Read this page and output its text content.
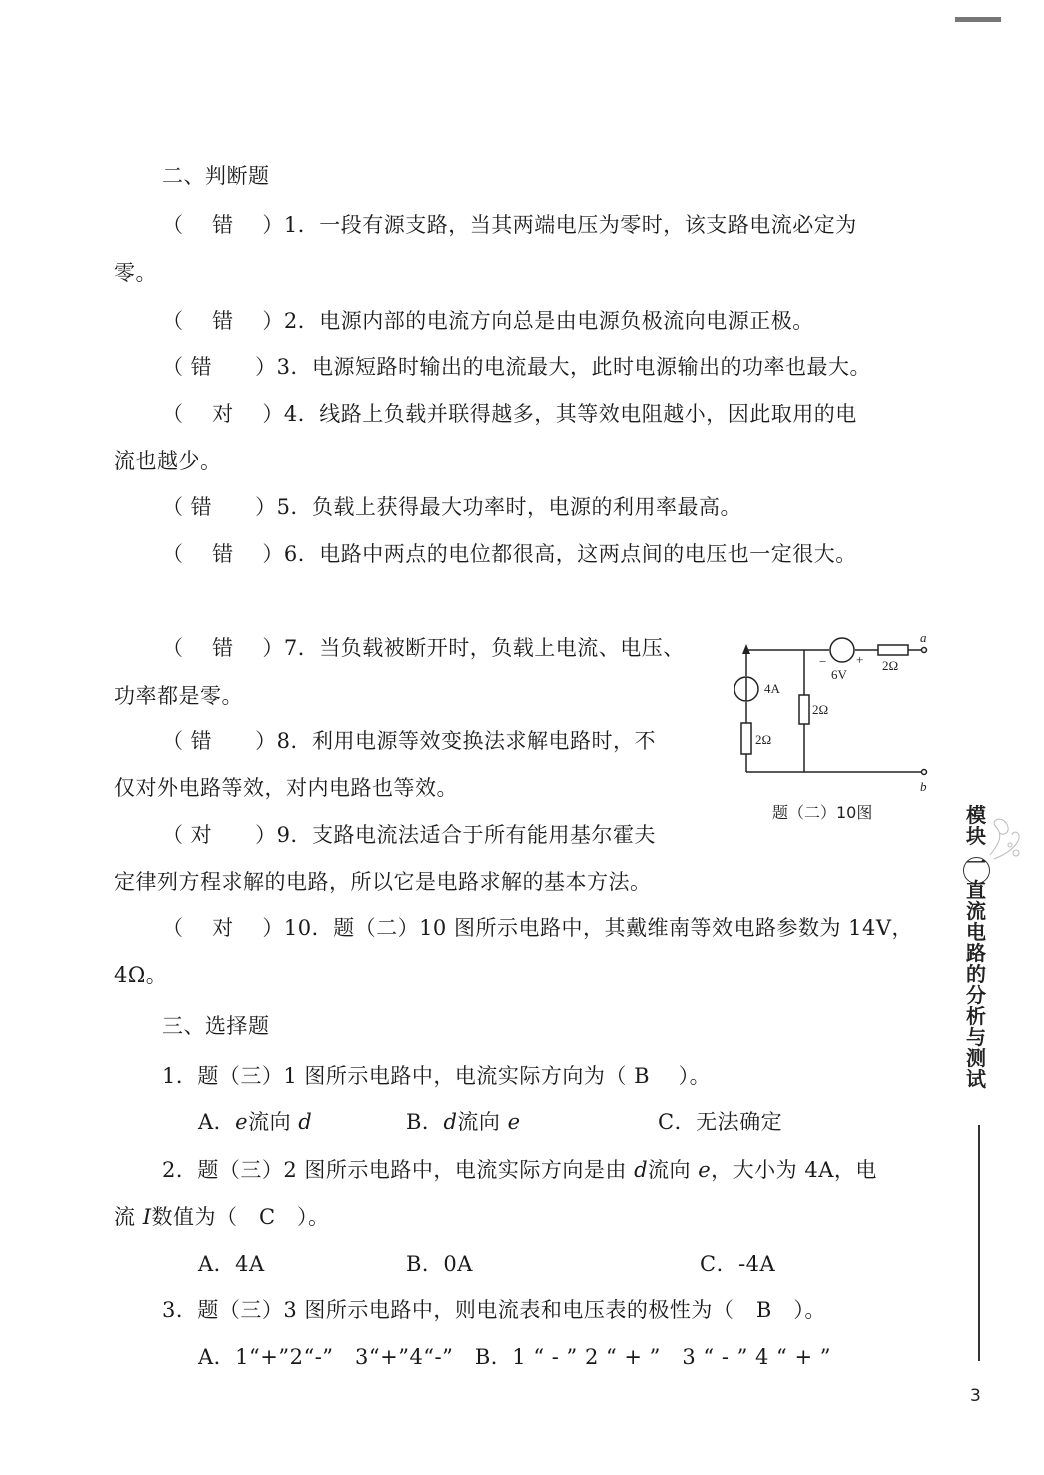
二、判断题
（　 错　 ）1．一段有源支路，当其两端电压为零时，该支路电流必定为
零。
（　 错　 ）2．电源内部的电流方向总是由电源负极流向电源正极。
（ 错　　）3．电源短路时输出的电流最大，此时电源输出的功率也最大。
（　 对　 ）4．线路上负载并联得越多，其等效电阻越小，因此取用的电
流也越少。
（ 错　　）5．负载上获得最大功率时，电源的利用率最高。
（　 错　 ）6．电路中两点的电位都很高，这两点间的电压也一定很大。
（　 错　 ）7．当负载被断开时，负载上电流、电压、
功率都是零。
（ 错　　）8．利用电源等效变换法求解电路时，不
仅对外电路等效，对内电路也等效。
（ 对　　）9．支路电流法适合于所有能用基尔霍夫
定律列方程求解的电路，所以它是电路求解的基本方法。
（　 对　 ）10．题（二）10 图所示电路中，其戴维南等效电路参数为 14V，
4Ω。
4A
6V
− + 2Ω
2Ω
2Ω
a
b
题（二）10图
三、选择题
1．题（三）1 图所示电路中，电流实际方向为（ B　 ）。
A．e流向 d	B．d流向 e	C．无法确定
2．题（三）2 图所示电路中，电流实际方向是由 d流向 e，大小为 4A，电
流 I数值为（　C　）。
A．4A	B．0A	C．-4A
3．题（三）3 图所示电路中，则电流表和电压表的极性为（　B　）。
A．1“+”2“-”　3“+”4“-”　B．1 “ - ” 2 “ + ”　3 “ - ” 4 “ + ”
模
块
一
直
流
电
路
的
分
析
与
测
试
3
